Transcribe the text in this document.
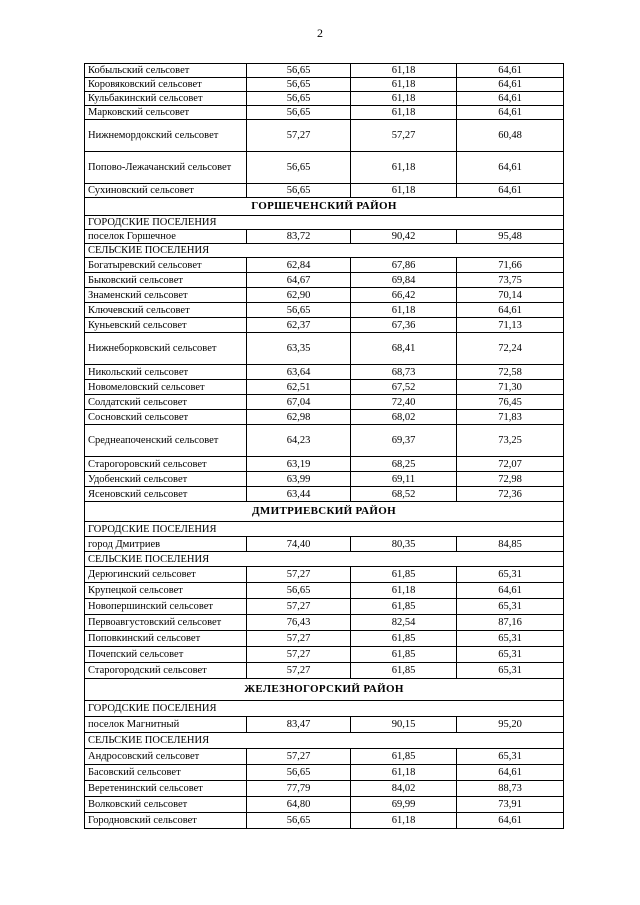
2
Кобыльский сельсовет	56,65	61,18	64,61
Коровяковский сельсовет	56,65	61,18	64,61
Кульбакинский сельсовет	56,65	61,18	64,61
Марковский сельсовет	56,65	61,18	64,61
Нижнемордокский сельсовет	57,27	57,27	60,48
Попово-Лежачанский сельсовет	56,65	61,18	64,61
Сухиновский сельсовет	56,65	61,18	64,61
ГОРШЕЧЕНСКИЙ РАЙОН			
ГОРОДСКИЕ ПОСЕЛЕНИЯ			
поселок Горшечное	83,72	90,42	95,48
СЕЛЬСКИЕ ПОСЕЛЕНИЯ			
Богатыревский сельсовет	62,84	67,86	71,66
Быковский сельсовет	64,67	69,84	73,75
Знаменский сельсовет	62,90	66,42	70,14
Ключевский сельсовет	56,65	61,18	64,61
Куньевский сельсовет	62,37	67,36	71,13
Нижнеборковский сельсовет	63,35	68,41	72,24
Никольский сельсовет	63,64	68,73	72,58
Новомеловский сельсовет	62,51	67,52	71,30
Солдатский сельсовет	67,04	72,40	76,45
Сосновский сельсовет	62,98	68,02	71,83
Среднеапоченский сельсовет	64,23	69,37	73,25
Старогоровский сельсовет	63,19	68,25	72,07
Удобенский сельсовет	63,99	69,11	72,98
Ясеновский сельсовет	63,44	68,52	72,36
ДМИТРИЕВСКИЙ РАЙОН			
ГОРОДСКИЕ ПОСЕЛЕНИЯ			
город Дмитриев	74,40	80,35	84,85
СЕЛЬСКИЕ ПОСЕЛЕНИЯ			
Дерюгинский сельсовет	57,27	61,85	65,31
Крупецкой сельсовет	56,65	61,18	64,61
Новопершинский сельсовет	57,27	61,85	65,31
Первоавгустовский сельсовет	76,43	82,54	87,16
Поповкинский сельсовет	57,27	61,85	65,31
Почепский сельсовет	57,27	61,85	65,31
Старогородский сельсовет	57,27	61,85	65,31
ЖЕЛЕЗНОГОРСКИЙ РАЙОН			
ГОРОДСКИЕ ПОСЕЛЕНИЯ			
поселок Магнитный	83,47	90,15	95,20
СЕЛЬСКИЕ ПОСЕЛЕНИЯ			
Андросовский сельсовет	57,27	61,85	65,31
Басовский сельсовет	56,65	61,18	64,61
Веретенинский сельсовет	77,79	84,02	88,73
Волковский сельсовет	64,80	69,99	73,91
Городновский сельсовет	56,65	61,18	64,61
